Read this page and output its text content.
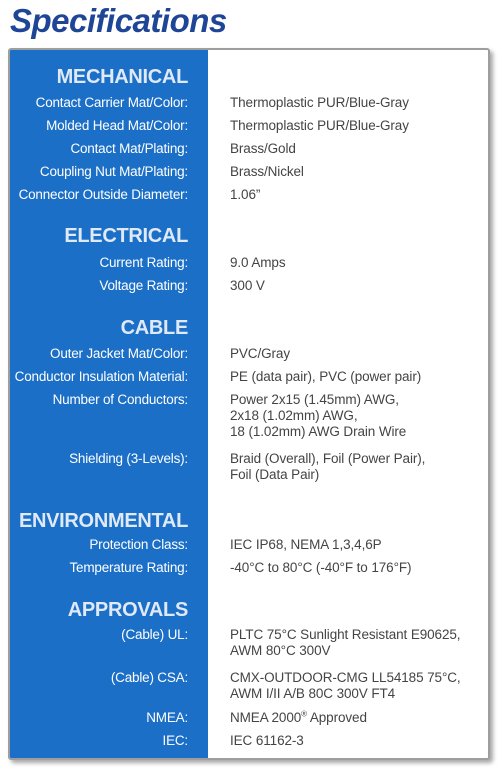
Specifications
MECHANICAL
Contact Carrier Mat/Color:	Thermoplastic PUR/Blue-Gray
Molded Head Mat/Color:	Thermoplastic PUR/Blue-Gray
Contact Mat/Plating:	Brass/Gold
Coupling Nut Mat/Plating:	Brass/Nickel
Connector Outside Diameter:	1.06”
ELECTRICAL
Current Rating:	9.0 Amps
Voltage Rating:	300 V
CABLE
Outer Jacket Mat/Color:	PVC/Gray
Conductor Insulation Material:	PE (data pair), PVC (power pair)
Number of Conductors:	Power 2x15 (1.45mm) AWG,
2x18 (1.02mm) AWG,
18 (1.02mm) AWG Drain Wire
Shielding (3-Levels):	Braid (Overall), Foil (Power Pair),
Foil (Data Pair)
ENVIRONMENTAL
Protection Class:	IEC IP68, NEMA 1,3,4,6P
Temperature Rating:	-40°C to 80°C (-40°F to 176°F)
APPROVALS
(Cable) UL:	PLTC 75°C Sunlight Resistant E90625,
AWM 80°C 300V
(Cable) CSA:	CMX-OUTDOOR-CMG LL54185 75°C,
AWM I/II A/B 80C 300V FT4
NMEA:	NMEA 2000® Approved
IEC:	IEC 61162-3
